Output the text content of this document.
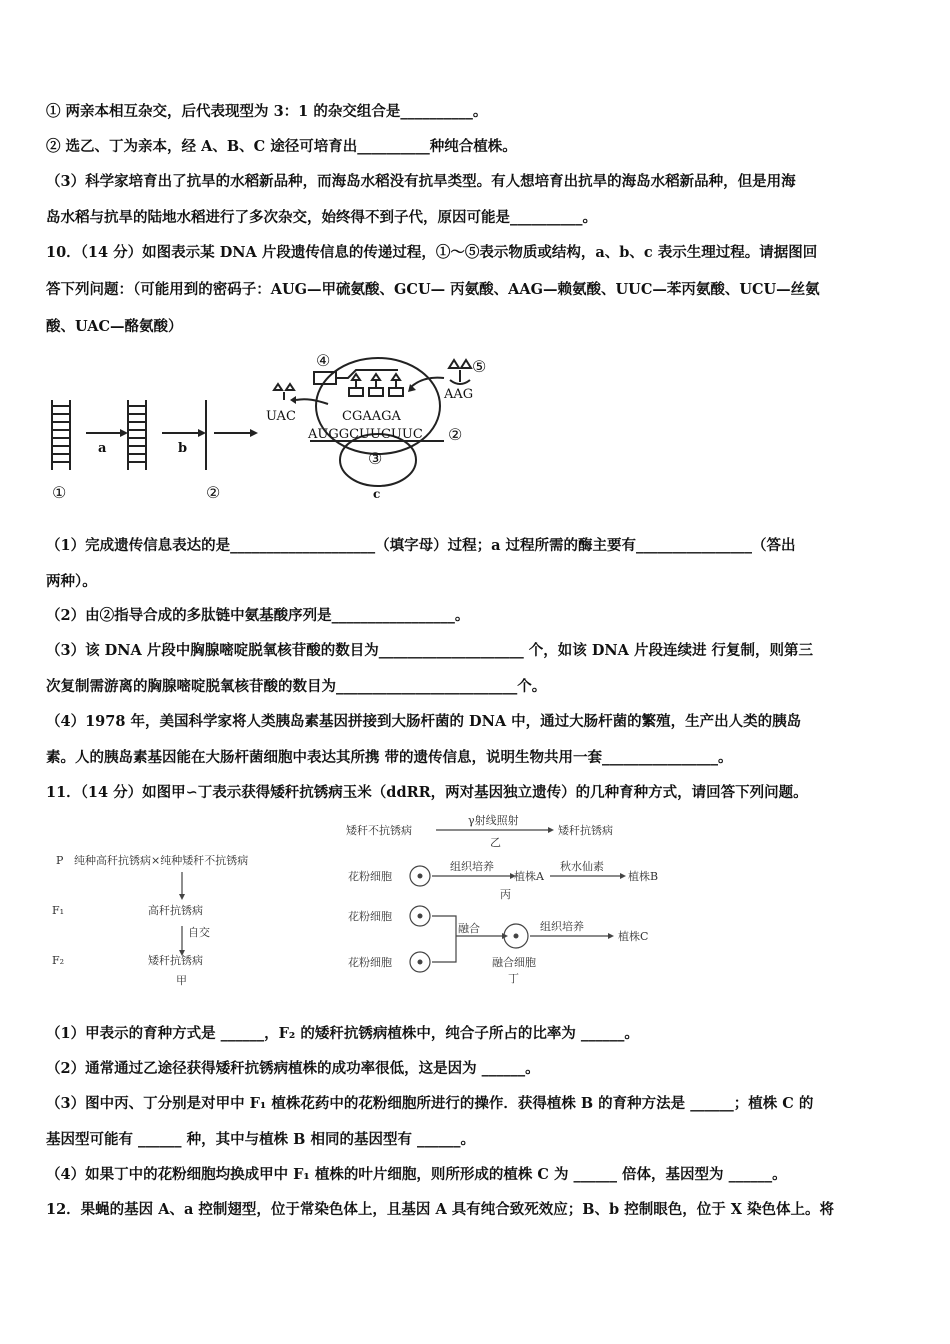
① 两亲本相互杂交，后代表现型为 3：1 的杂交组合是__________。
② 选乙、丁为亲本，经 A、B、C 途径可培育出__________种纯合植株。
（3）科学家培育出了抗旱的水稻新品种，而海岛水稻没有抗旱类型。有人想培育出抗旱的海岛水稻新品种，但是用海
岛水稻与抗旱的陆地水稻进行了多次杂交，始终得不到子代，原因可能是__________。
10．（14 分）如图表示某 DNA 片段遗传信息的传递过程，①～⑤表示物质或结构，a、b、c 表示生理过程。请据图回
答下列问题：（可能用到的密码子：AUG—甲硫氨酸、GCU— 丙氨酸、AAG—赖氨酸、UUC—苯丙氨酸、UCU—丝氨
酸、UAC—酪氨酸）
①
a	b
②
④	⑤
AAG
UAC	CGAAGA
AUGGCUUCUUC ②
③
c
（1）完成遗传信息表达的是____________________（填字母）过程；a 过程所需的酶主要有________________（答出
两种）。
（2）由②指导合成的多肽链中氨基酸序列是_________________。
（3）该 DNA 片段中胸腺嘧啶脱氧核苷酸的数目为____________________ 个，如该 DNA 片段连续进 行复制，则第三
次复制需游离的胸腺嘧啶脱氧核苷酸的数目为_________________________个。
（4）1978 年，美国科学家将人类胰岛素基因拼接到大肠杆菌的 DNA 中，通过大肠杆菌的繁殖，生产出人类的胰岛
素。人的胰岛素基因能在大肠杆菌细胞中表达其所携 带的遗传信息，说明生物共用一套________________。
11．（14 分）如图甲∽丁表示获得矮秆抗锈病玉米（ddRR，两对基因独立遗传）的几种育种方式，请回答下列问题。
P 纯种高秆抗锈病×纯种矮秆不抗锈病
F₁	高秆抗锈病
自交
F₂	矮秆抗锈病
甲
矮秆不抗锈病
γ射线照射
矮秆抗锈病
乙
花粉细胞
组织培养
植株A
秋水仙素
植株B
丙
花粉细胞
花粉细胞
融合	组织培养
植株C
融合细胞
丁
（1）甲表示的育种方式是 ______，F₂ 的矮秆抗锈病植株中，纯合子所占的比率为 ______。
（2）通常通过乙途径获得矮秆抗锈病植株的成功率很低，这是因为 ______。
（3）图中丙、丁分别是对甲中 F₁ 植株花药中的花粉细胞所进行的操作．获得植株 B 的育种方法是 ______；植株 C 的
基因型可能有 ______ 种，其中与植株 B 相同的基因型有 ______。
（4）如果丁中的花粉细胞均换成甲中 F₁ 植株的叶片细胞，则所形成的植株 C 为 ______ 倍体，基因型为 ______。
12．果蝇的基因 A、a 控制翅型，位于常染色体上，且基因 A 具有纯合致死效应；B、b 控制眼色，位于 X 染色体上。将
